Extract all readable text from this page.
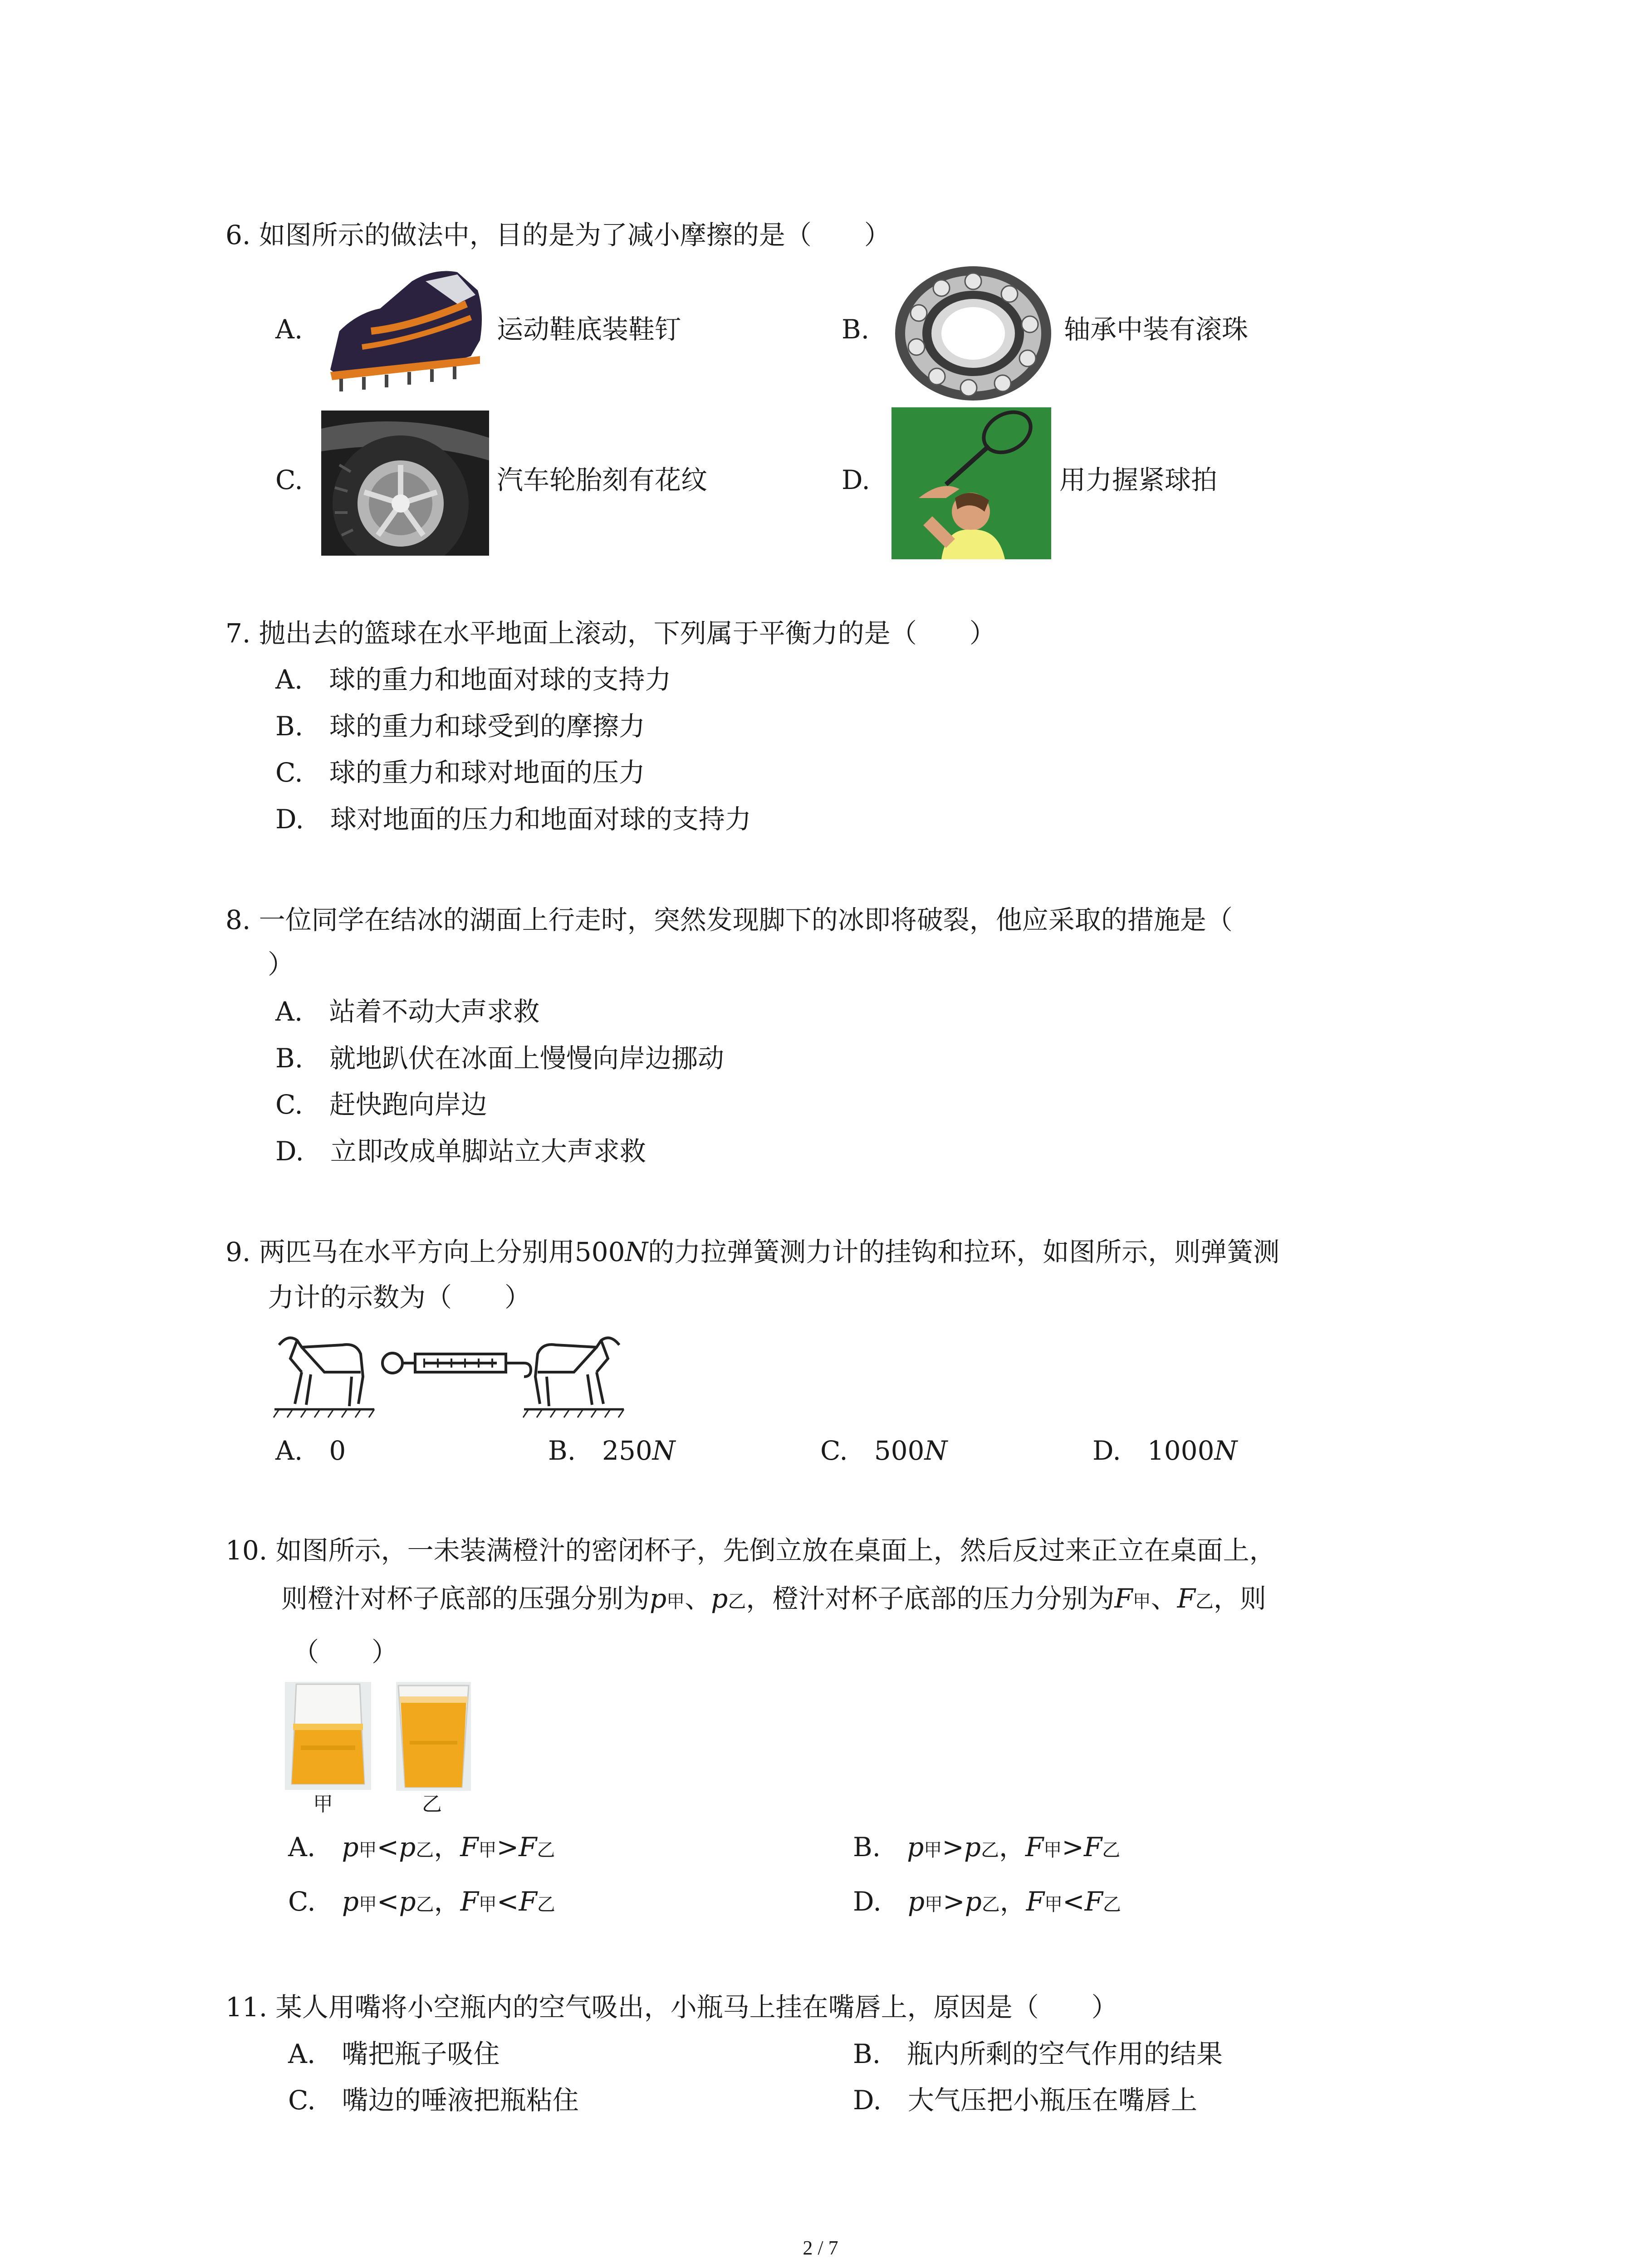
6. 如图所示的做法中，目的是为了减小摩擦的是（　　）
A.	运动鞋底装鞋钉	B.	轴承中装有滚珠
C.	汽车轮胎刻有花纹	D.	用力握紧球拍
7. 抛出去的篮球在水平地面上滚动，下列属于平衡力的是（　　）
A.　球的重力和地面对球的支持力
B.　球的重力和球受到的摩擦力
C.　球的重力和球对地面的压力
D.　球对地面的压力和地面对球的支持力
8. 一位同学在结冰的湖面上行走时，突然发现脚下的冰即将破裂，他应采取的措施是（
）
A.　站着不动大声求救
B.　就地趴伏在冰面上慢慢向岸边挪动
C.　赶快跑向岸边
D.　立即改成单脚站立大声求救
9. 两匹马在水平方向上分别用500N的力拉弹簧测力计的挂钩和拉环，如图所示，则弹簧测
力计的示数为（　　）
A.　0	B.　250N	C.　500N	D.　1000N
10. 如图所示，一未装满橙汁的密闭杯子，先倒立放在桌面上，然后反过来正立在桌面上，
则橙汁对杯子底部的压强分别为p甲、p乙，橙汁对杯子底部的压力分别为F甲、F乙，则
（　　）
甲	乙
A.  p甲<p乙，F甲>F乙	B.  p甲>p乙，F甲>F乙
C.  p甲<p乙，F甲<F乙	D.  p甲>p乙，F甲<F乙
11. 某人用嘴将小空瓶内的空气吸出，小瓶马上挂在嘴唇上，原因是（　　）
A.　嘴把瓶子吸住	B.　瓶内所剩的空气作用的结果
C.　嘴边的唾液把瓶粘住	D.　大气压把小瓶压在嘴唇上
2 / 7
